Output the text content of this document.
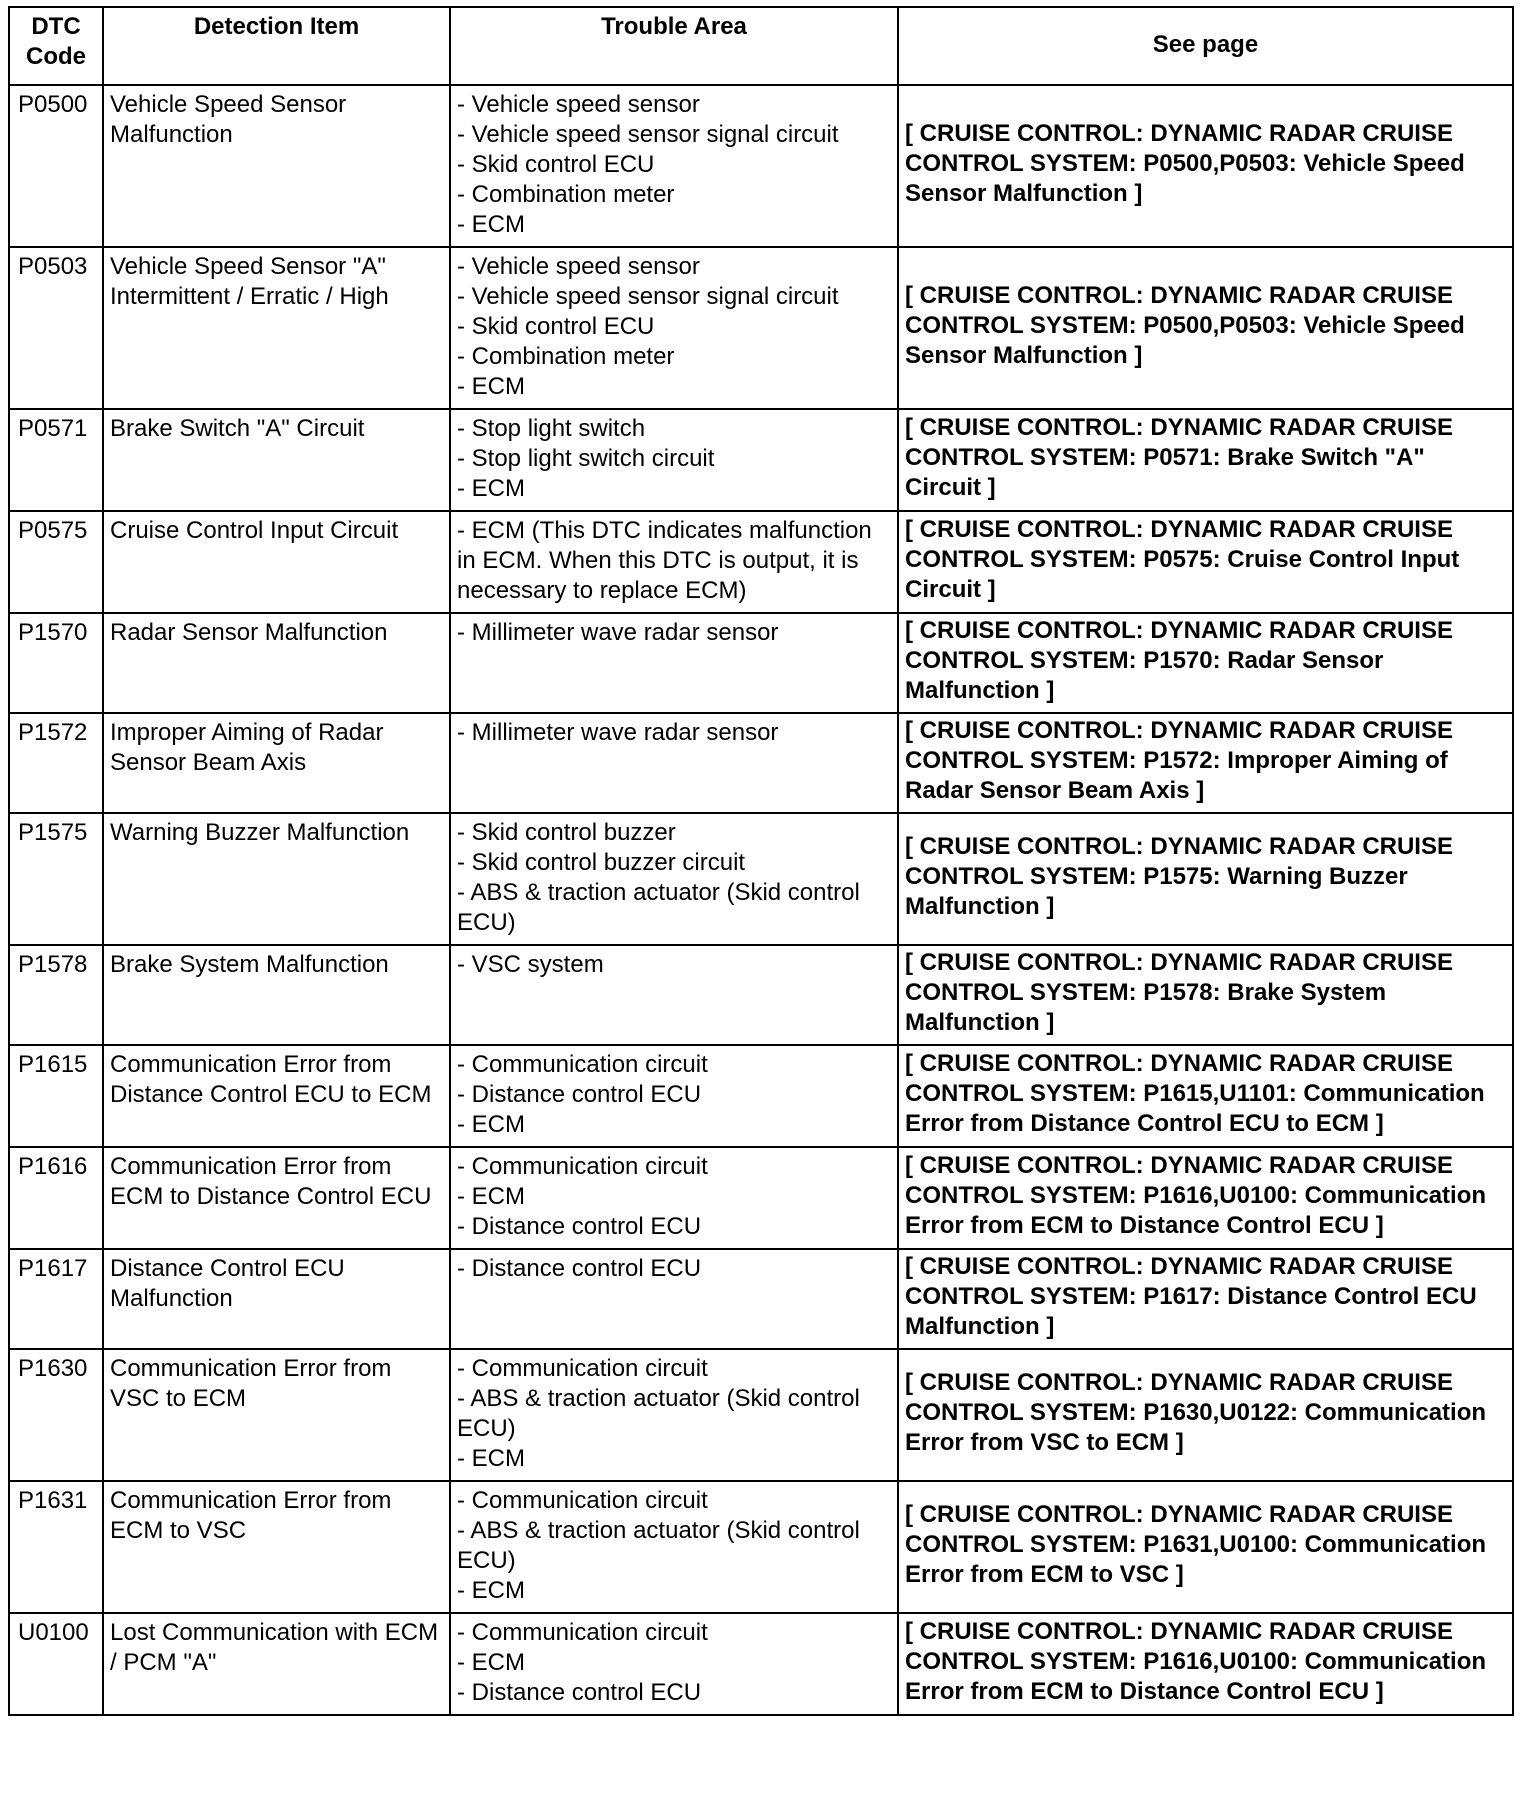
DTC Code	Detection Item	Trouble Area	See page
P0500	Vehicle Speed Sensor Malfunction	- Vehicle speed sensor
- Vehicle speed sensor signal circuit
- Skid control ECU
- Combination meter
- ECM	[ CRUISE CONTROL: DYNAMIC RADAR CRUISE CONTROL SYSTEM: P0500,P0503: Vehicle Speed Sensor Malfunction ]
P0503	Vehicle Speed Sensor "A" Intermittent / Erratic / High	- Vehicle speed sensor
- Vehicle speed sensor signal circuit
- Skid control ECU
- Combination meter
- ECM	[ CRUISE CONTROL: DYNAMIC RADAR CRUISE CONTROL SYSTEM: P0500,P0503: Vehicle Speed Sensor Malfunction ]
P0571	Brake Switch "A" Circuit	- Stop light switch
- Stop light switch circuit
- ECM	[ CRUISE CONTROL: DYNAMIC RADAR CRUISE CONTROL SYSTEM: P0571: Brake Switch "A" Circuit ]
P0575	Cruise Control Input Circuit	- ECM (This DTC indicates malfunction in ECM. When this DTC is output, it is necessary to replace ECM)	[ CRUISE CONTROL: DYNAMIC RADAR CRUISE CONTROL SYSTEM: P0575: Cruise Control Input Circuit ]
P1570	Radar Sensor Malfunction	- Millimeter wave radar sensor	[ CRUISE CONTROL: DYNAMIC RADAR CRUISE CONTROL SYSTEM: P1570: Radar Sensor Malfunction ]
P1572	Improper Aiming of Radar Sensor Beam Axis	- Millimeter wave radar sensor	[ CRUISE CONTROL: DYNAMIC RADAR CRUISE CONTROL SYSTEM: P1572: Improper Aiming of Radar Sensor Beam Axis ]
P1575	Warning Buzzer Malfunction	- Skid control buzzer
- Skid control buzzer circuit
- ABS & traction actuator (Skid control ECU)	[ CRUISE CONTROL: DYNAMIC RADAR CRUISE CONTROL SYSTEM: P1575: Warning Buzzer Malfunction ]
P1578	Brake System Malfunction	- VSC system	[ CRUISE CONTROL: DYNAMIC RADAR CRUISE CONTROL SYSTEM: P1578: Brake System Malfunction ]
P1615	Communication Error from Distance Control ECU to ECM	- Communication circuit
- Distance control ECU
- ECM	[ CRUISE CONTROL: DYNAMIC RADAR CRUISE CONTROL SYSTEM: P1615,U1101: Communication Error from Distance Control ECU to ECM ]
P1616	Communication Error from ECM to Distance Control ECU	- Communication circuit
- ECM
- Distance control ECU	[ CRUISE CONTROL: DYNAMIC RADAR CRUISE CONTROL SYSTEM: P1616,U0100: Communication Error from ECM to Distance Control ECU ]
P1617	Distance Control ECU Malfunction	- Distance control ECU	[ CRUISE CONTROL: DYNAMIC RADAR CRUISE CONTROL SYSTEM: P1617: Distance Control ECU Malfunction ]
P1630	Communication Error from VSC to ECM	- Communication circuit
- ABS & traction actuator (Skid control ECU)
- ECM	[ CRUISE CONTROL: DYNAMIC RADAR CRUISE CONTROL SYSTEM: P1630,U0122: Communication Error from VSC to ECM ]
P1631	Communication Error from ECM to VSC	- Communication circuit
- ABS & traction actuator (Skid control ECU)
- ECM	[ CRUISE CONTROL: DYNAMIC RADAR CRUISE CONTROL SYSTEM: P1631,U0100: Communication Error from ECM to VSC ]
U0100	Lost Communication with ECM / PCM "A"	- Communication circuit
- ECM
- Distance control ECU	[ CRUISE CONTROL: DYNAMIC RADAR CRUISE CONTROL SYSTEM: P1616,U0100: Communication Error from ECM to Distance Control ECU ]
